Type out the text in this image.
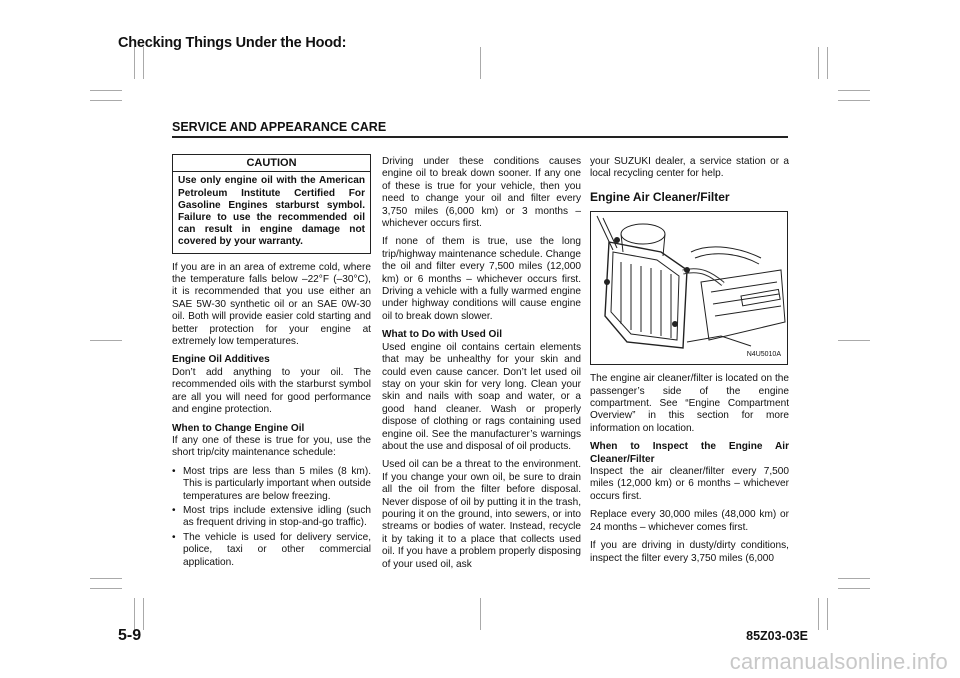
Checking Things Under the Hood:
SERVICE AND APPEARANCE CARE
CAUTION
Use only engine oil with the American Petroleum Institute Certified For Gasoline Engines starburst symbol. Failure to use the recommended oil can result in engine damage not covered by your warranty.

If you are in an area of extreme cold, where the temperature falls below –22°F (–30°C), it is recommended that you use either an SAE 5W-30 synthetic oil or an SAE 0W-30 oil. Both will provide easier cold starting and better protection for your engine at extremely low temperatures.

Engine Oil Additives
Don’t add anything to your oil. The recommended oils with the starburst symbol are all you will need for good performance and engine protection.

When to Change Engine Oil
If any one of these is true for you, use the short trip/city maintenance schedule:

• Most trips are less than 5 miles (8 km). This is particularly important when outside temperatures are below freezing.
• Most trips include extensive idling (such as frequent driving in stop-and-go traffic).
• The vehicle is used for delivery service, police, taxi or other commercial application.

Driving under these conditions causes engine oil to break down sooner. If any one of these is true for your vehicle, then you need to change your oil and filter every 3,750 miles (6,000 km) or 3 months – whichever occurs first.

If none of them is true, use the long trip/highway maintenance schedule. Change the oil and filter every 7,500 miles (12,000 km) or 6 months – whichever occurs first. Driving a vehicle with a fully warmed engine under highway conditions will cause engine oil to break down slower.

What to Do with Used Oil
Used engine oil contains certain elements that may be unhealthy for your skin and could even cause cancer. Don’t let used oil stay on your skin for very long. Clean your skin and nails with soap and water, or a good hand cleaner. Wash or properly dispose of clothing or rags containing used engine oil. See the manufacturer’s warnings about the use and disposal of oil products.

Used oil can be a threat to the environment. If you change your own oil, be sure to drain all the oil from the filter before disposal. Never dispose of oil by putting it in the trash, pouring it on the ground, into sewers, or into streams or bodies of water. Instead, recycle it by taking it to a place that collects used oil. If you have a problem properly disposing of your used oil, ask

your SUZUKI dealer, a service station or a local recycling center for help.

Engine Air Cleaner/Filter
N4U5010A

The engine air cleaner/filter is located on the passenger’s side of the engine compartment. See “Engine Compartment Overview” in this section for more information on location.

When to Inspect the Engine Air Cleaner/Filter
Inspect the air cleaner/filter every 7,500 miles (12,000 km) or 6 months – whichever occurs first.

Replace every 30,000 miles (48,000 km) or 24 months – whichever comes first.

If you are driving in dusty/dirty conditions, inspect the filter every 3,750 miles (6,000

5-9	85Z03-03E
carmanualsonline.info
